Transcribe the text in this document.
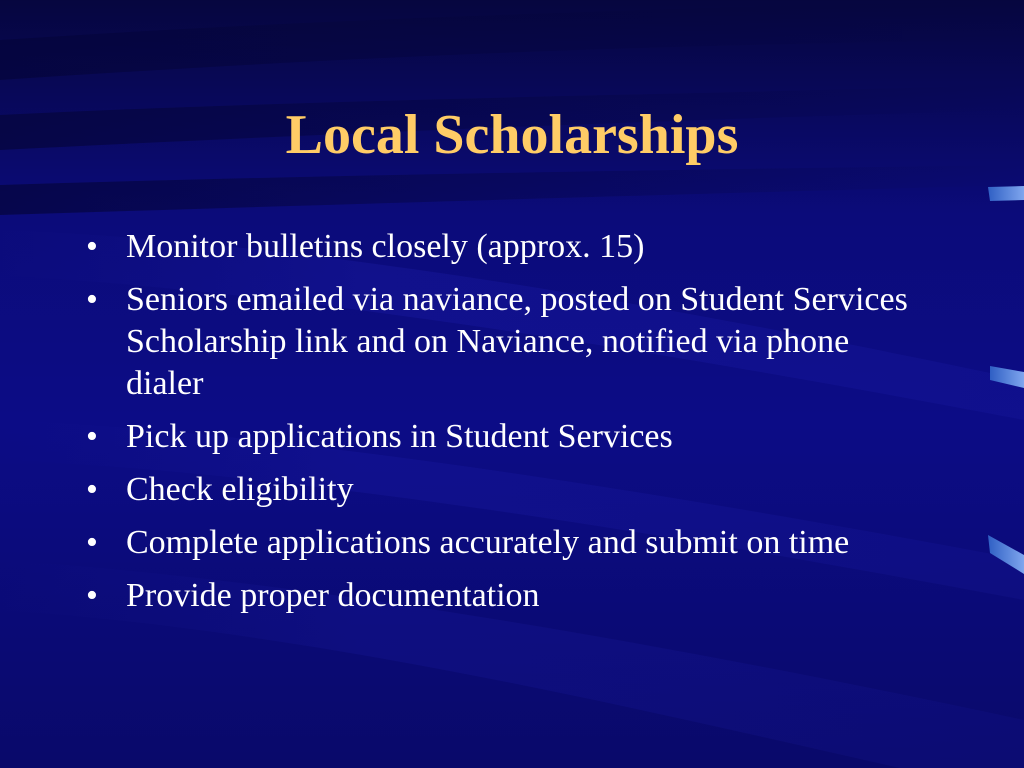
Local Scholarships
• Monitor bulletins closely (approx. 15)
• Seniors emailed via naviance, posted on Student Services Scholarship link and on Naviance, notified via phone dialer
• Pick up applications in Student Services
• Check eligibility
• Complete applications accurately and submit on time
• Provide proper documentation
